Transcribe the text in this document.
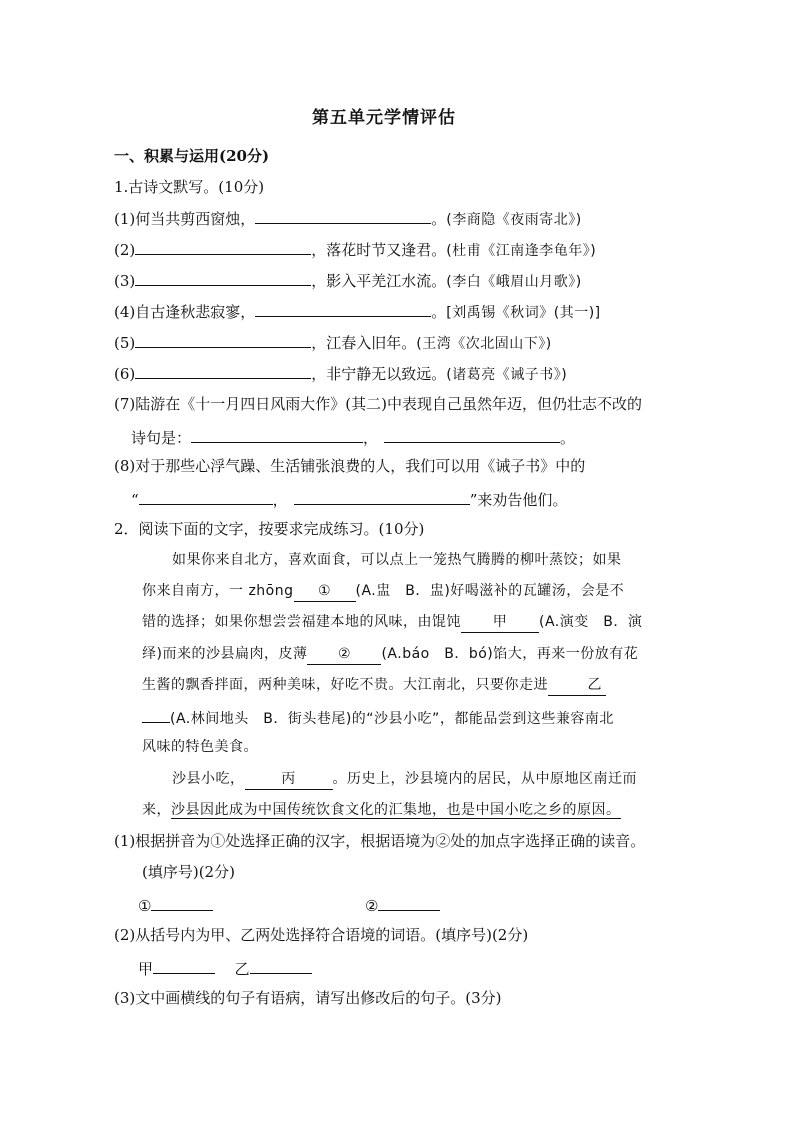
第五单元学情评估
一、积累与运用(20分)
1.古诗文默写。(10分)
(1)何当共剪西窗烛，	。(李商隐《夜雨寄北》)
(2)	，落花时节又逢君。(杜甫《江南逢李龟年》)
(3)	，影入平羌江水流。(李白《峨眉山月歌》)
(4)自古逢秋悲寂寥，	。[刘禹锡《秋词》(其一)]
(5)	，江春入旧年。(王湾《次北固山下》)
(6)	，非宁静无以致远。(诸葛亮《诫子书》)
(7)陆游在《十一月四日风雨大作》(其二)中表现自己虽然年迈，但仍壮志不改的
诗句是：	，	。
(8)对于那些心浮气躁、生活铺张浪费的人，我们可以用《诫子书》中的
“	，	”来劝告他们。
2．阅读下面的文字，按要求完成练习。(10分)
如果你来自北方，喜欢面食，可以点上一笼热气腾腾的柳叶蒸饺；如果
你来自南方，一 zhōng ① (A.盅　B．盅)好喝滋补的瓦罐汤，会是不
错的选择；如果你想尝尝福建本地的风味，由馄饨 甲 (A.演变　B．演
绎)而来的沙县扁肉，皮薄 ② (A.báo　B．bó)馅大，再来一份放有花
生酱的飘香拌面，两种美味，好吃不贵。大江南北，只要你走进	乙
(A.林间地头　B．街头巷尾)的“沙县小吃”，都能品尝到这些兼容南北
风味的特色美食。
沙县小吃，	丙	。历史上，沙县境内的居民，从中原地区南迁而
来，沙县因此成为中国传统饮食文化的汇集地，也是中国小吃之乡的原因。
(1)根据拼音为①处选择正确的汉字，根据语境为②处的加点字选择正确的读音。
(填序号)(2分)
①	②
(2)从括号内为甲、乙两处选择符合语境的词语。(填序号)(2分)
甲	乙
(3)文中画横线的句子有语病，请写出修改后的句子。(3分)
